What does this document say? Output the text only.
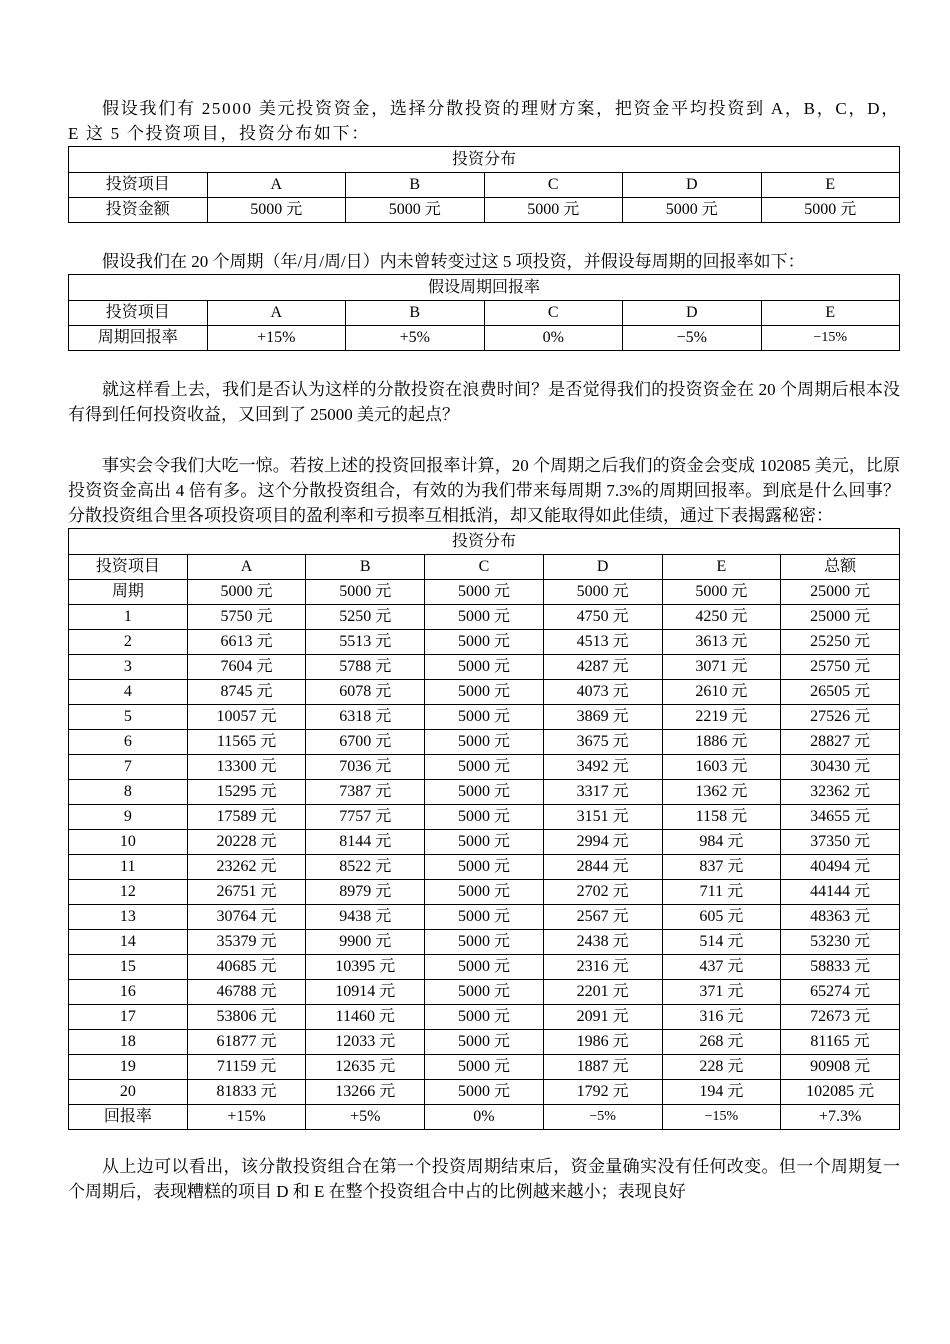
假设我们有 25000 美元投资资金，选择分散投资的理财方案，把资金平均投资到 A，B，C，D，E 这 5 个投资项目，投资分布如下：

投资分布					
投资项目	A	B	C	D	E
投资金额	5000 元	5000 元	5000 元	5000 元	5000 元

假设我们在 20 个周期（年/月/周/日）内未曾转变过这 5 项投资，并假设每周期的回报率如下：

假设周期回报率					
投资项目	A	B	C	D	E
周期回报率	+15%	+5%	0%	−5%	−15%

就这样看上去，我们是否认为这样的分散投资在浪费时间？是否觉得我们的投资资金在 20 个周期后根本没有得到任何投资收益，又回到了 25000 美元的起点？

事实会令我们大吃一惊。若按上述的投资回报率计算，20 个周期之后我们的资金会变成 102085 美元，比原投资资金高出 4 倍有多。这个分散投资组合，有效的为我们带来每周期 7.3%的周期回报率。到底是什么回事？分散投资组合里各项投资项目的盈利率和亏损率互相抵消，却又能取得如此佳绩，通过下表揭露秘密：

投资分布						
投资项目	A	B	C	D	E	总额
周期	5000 元	5000 元	5000 元	5000 元	5000 元	25000 元
1	5750 元	5250 元	5000 元	4750 元	4250 元	25000 元
2	6613 元	5513 元	5000 元	4513 元	3613 元	25250 元
3	7604 元	5788 元	5000 元	4287 元	3071 元	25750 元
4	8745 元	6078 元	5000 元	4073 元	2610 元	26505 元
5	10057 元	6318 元	5000 元	3869 元	2219 元	27526 元
6	11565 元	6700 元	5000 元	3675 元	1886 元	28827 元
7	13300 元	7036 元	5000 元	3492 元	1603 元	30430 元
8	15295 元	7387 元	5000 元	3317 元	1362 元	32362 元
9	17589 元	7757 元	5000 元	3151 元	1158 元	34655 元
10	20228 元	8144 元	5000 元	2994 元	984 元	37350 元
11	23262 元	8522 元	5000 元	2844 元	837 元	40494 元
12	26751 元	8979 元	5000 元	2702 元	711 元	44144 元
13	30764 元	9438 元	5000 元	2567 元	605 元	48363 元
14	35379 元	9900 元	5000 元	2438 元	514 元	53230 元
15	40685 元	10395 元	5000 元	2316 元	437 元	58833 元
16	46788 元	10914 元	5000 元	2201 元	371 元	65274 元
17	53806 元	11460 元	5000 元	2091 元	316 元	72673 元
18	61877 元	12033 元	5000 元	1986 元	268 元	81165 元
19	71159 元	12635 元	5000 元	1887 元	228 元	90908 元
20	81833 元	13266 元	5000 元	1792 元	194 元	102085 元
回报率	+15%	+5%	0%	−5%	−15%	+7.3%

从上边可以看出，该分散投资组合在第一个投资周期结束后，资金量确实没有任何改变。但一个周期复一个周期后，表现糟糕的项目 D 和 E 在整个投资组合中占的比例越来越小；表现良好
